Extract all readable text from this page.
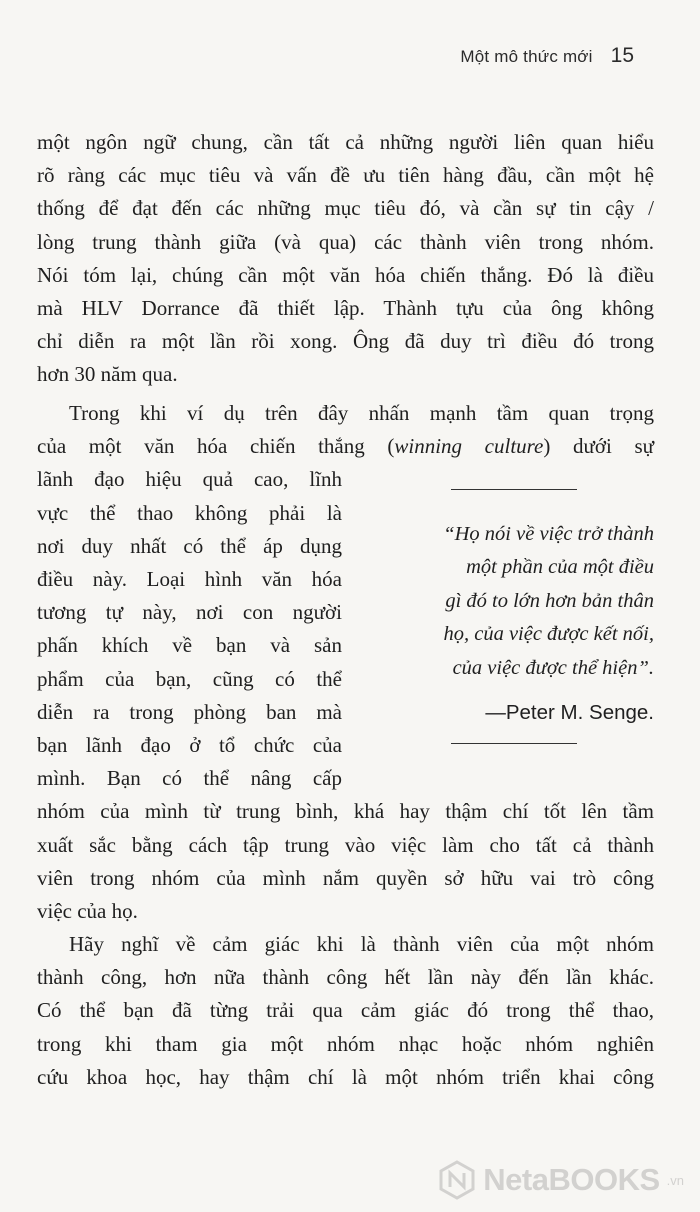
Một mô thức mới 15
một ngôn ngữ chung, cần tất cả những người liên quan hiểu
rõ ràng các mục tiêu và vấn đề ưu tiên hàng đầu, cần một hệ
thống để đạt đến các những mục tiêu đó, và cần sự tin cậy /
lòng trung thành giữa (và qua) các thành viên trong nhóm.
Nói tóm lại, chúng cần một văn hóa chiến thắng. Đó là điều
mà HLV Dorrance đã thiết lập. Thành tựu của ông không
chỉ diễn ra một lần rồi xong. Ông đã duy trì điều đó trong
hơn 30 năm qua.
Trong khi ví dụ trên đây nhấn mạnh tầm quan trọng
của một văn hóa chiến thắng (winning culture) dưới sự
lãnh đạo hiệu quả cao, lĩnh
vực thể thao không phải là
nơi duy nhất có thể áp dụng
điều này. Loại hình văn hóa
tương tự này, nơi con người
phấn khích về bạn và sản
phẩm của bạn, cũng có thể
diễn ra trong phòng ban mà
bạn lãnh đạo ở tổ chức của
mình. Bạn có thể nâng cấp
nhóm của mình từ trung bình, khá hay thậm chí tốt lên tầm
xuất sắc bằng cách tập trung vào việc làm cho tất cả thành
viên trong nhóm của mình nắm quyền sở hữu vai trò công
việc của họ.
“Họ nói về việc trở thành
một phần của một điều
gì đó to lớn hơn bản thân
họ, của việc được kết nối,
của việc được thể hiện”.
—Peter M. Senge.
Hãy nghĩ về cảm giác khi là thành viên của một nhóm
thành công, hơn nữa thành công hết lần này đến lần khác.
Có thể bạn đã từng trải qua cảm giác đó trong thể thao,
trong khi tham gia một nhóm nhạc hoặc nhóm nghiên
cứu khoa học, hay thậm chí là một nhóm triển khai công
NetaBOOKS .vn
